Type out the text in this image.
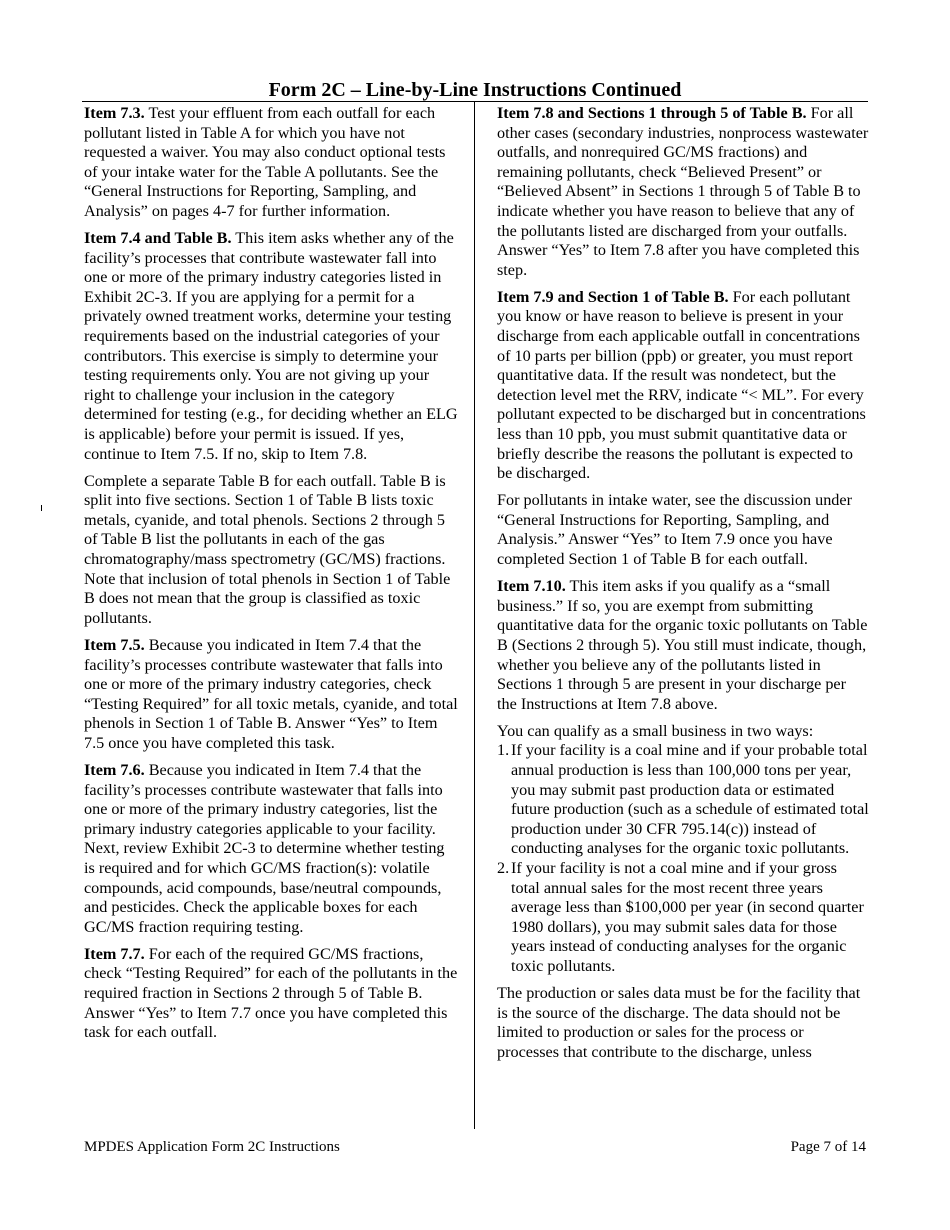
Form 2C – Line-by-Line Instructions Continued

Item 7.3. Test your effluent from each outfall for each pollutant listed in Table A for which you have not requested a waiver. You may also conduct optional tests of your intake water for the Table A pollutants. See the “General Instructions for Reporting, Sampling, and Analysis” on pages 4-7 for further information.

Item 7.4 and Table B. This item asks whether any of the facility’s processes that contribute wastewater fall into one or more of the primary industry categories listed in Exhibit 2C-3. If you are applying for a permit for a privately owned treatment works, determine your testing requirements based on the industrial categories of your contributors. This exercise is simply to determine your testing requirements only. You are not giving up your right to challenge your inclusion in the category determined for testing (e.g., for deciding whether an ELG is applicable) before your permit is issued. If yes, continue to Item 7.5. If no, skip to Item 7.8.

Complete a separate Table B for each outfall. Table B is split into five sections. Section 1 of Table B lists toxic metals, cyanide, and total phenols. Sections 2 through 5 of Table B list the pollutants in each of the gas chromatography/mass spectrometry (GC/MS) fractions. Note that inclusion of total phenols in Section 1 of Table B does not mean that the group is classified as toxic pollutants.

Item 7.5. Because you indicated in Item 7.4 that the facility’s processes contribute wastewater that falls into one or more of the primary industry categories, check “Testing Required” for all toxic metals, cyanide, and total phenols in Section 1 of Table B. Answer “Yes” to Item 7.5 once you have completed this task.

Item 7.6. Because you indicated in Item 7.4 that the facility’s processes contribute wastewater that falls into one or more of the primary industry categories, list the primary industry categories applicable to your facility. Next, review Exhibit 2C-3 to determine whether testing is required and for which GC/MS fraction(s): volatile compounds, acid compounds, base/neutral compounds, and pesticides. Check the applicable boxes for each GC/MS fraction requiring testing.

Item 7.7. For each of the required GC/MS fractions, check “Testing Required” for each of the pollutants in the required fraction in Sections 2 through 5 of Table B. Answer “Yes” to Item 7.7 once you have completed this task for each outfall.

Item 7.8 and Sections 1 through 5 of Table B. For all other cases (secondary industries, nonprocess wastewater outfalls, and nonrequired GC/MS fractions) and remaining pollutants, check “Believed Present” or “Believed Absent” in Sections 1 through 5 of Table B to indicate whether you have reason to believe that any of the pollutants listed are discharged from your outfalls. Answer “Yes” to Item 7.8 after you have completed this step.

Item 7.9 and Section 1 of Table B. For each pollutant you know or have reason to believe is present in your discharge from each applicable outfall in concentrations of 10 parts per billion (ppb) or greater, you must report quantitative data. If the result was nondetect, but the detection level met the RRV, indicate “< ML”. For every pollutant expected to be discharged but in concentrations less than 10 ppb, you must submit quantitative data or briefly describe the reasons the pollutant is expected to be discharged.

For pollutants in intake water, see the discussion under “General Instructions for Reporting, Sampling, and Analysis.” Answer “Yes” to Item 7.9 once you have completed Section 1 of Table B for each outfall.

Item 7.10. This item asks if you qualify as a “small business.” If so, you are exempt from submitting quantitative data for the organic toxic pollutants on Table B (Sections 2 through 5). You still must indicate, though, whether you believe any of the pollutants listed in Sections 1 through 5 are present in your discharge per the Instructions at Item 7.8 above.

You can qualify as a small business in two ways:

1. If your facility is a coal mine and if your probable total annual production is less than 100,000 tons per year, you may submit past production data or estimated future production (such as a schedule of estimated total production under 30 CFR 795.14(c)) instead of conducting analyses for the organic toxic pollutants.
2. If your facility is not a coal mine and if your gross total annual sales for the most recent three years average less than $100,000 per year (in second quarter 1980 dollars), you may submit sales data for those years instead of conducting analyses for the organic toxic pollutants.

The production or sales data must be for the facility that is the source of the discharge. The data should not be limited to production or sales for the process or processes that contribute to the discharge, unless

MPDES Application Form 2C Instructions	Page 7 of 14
